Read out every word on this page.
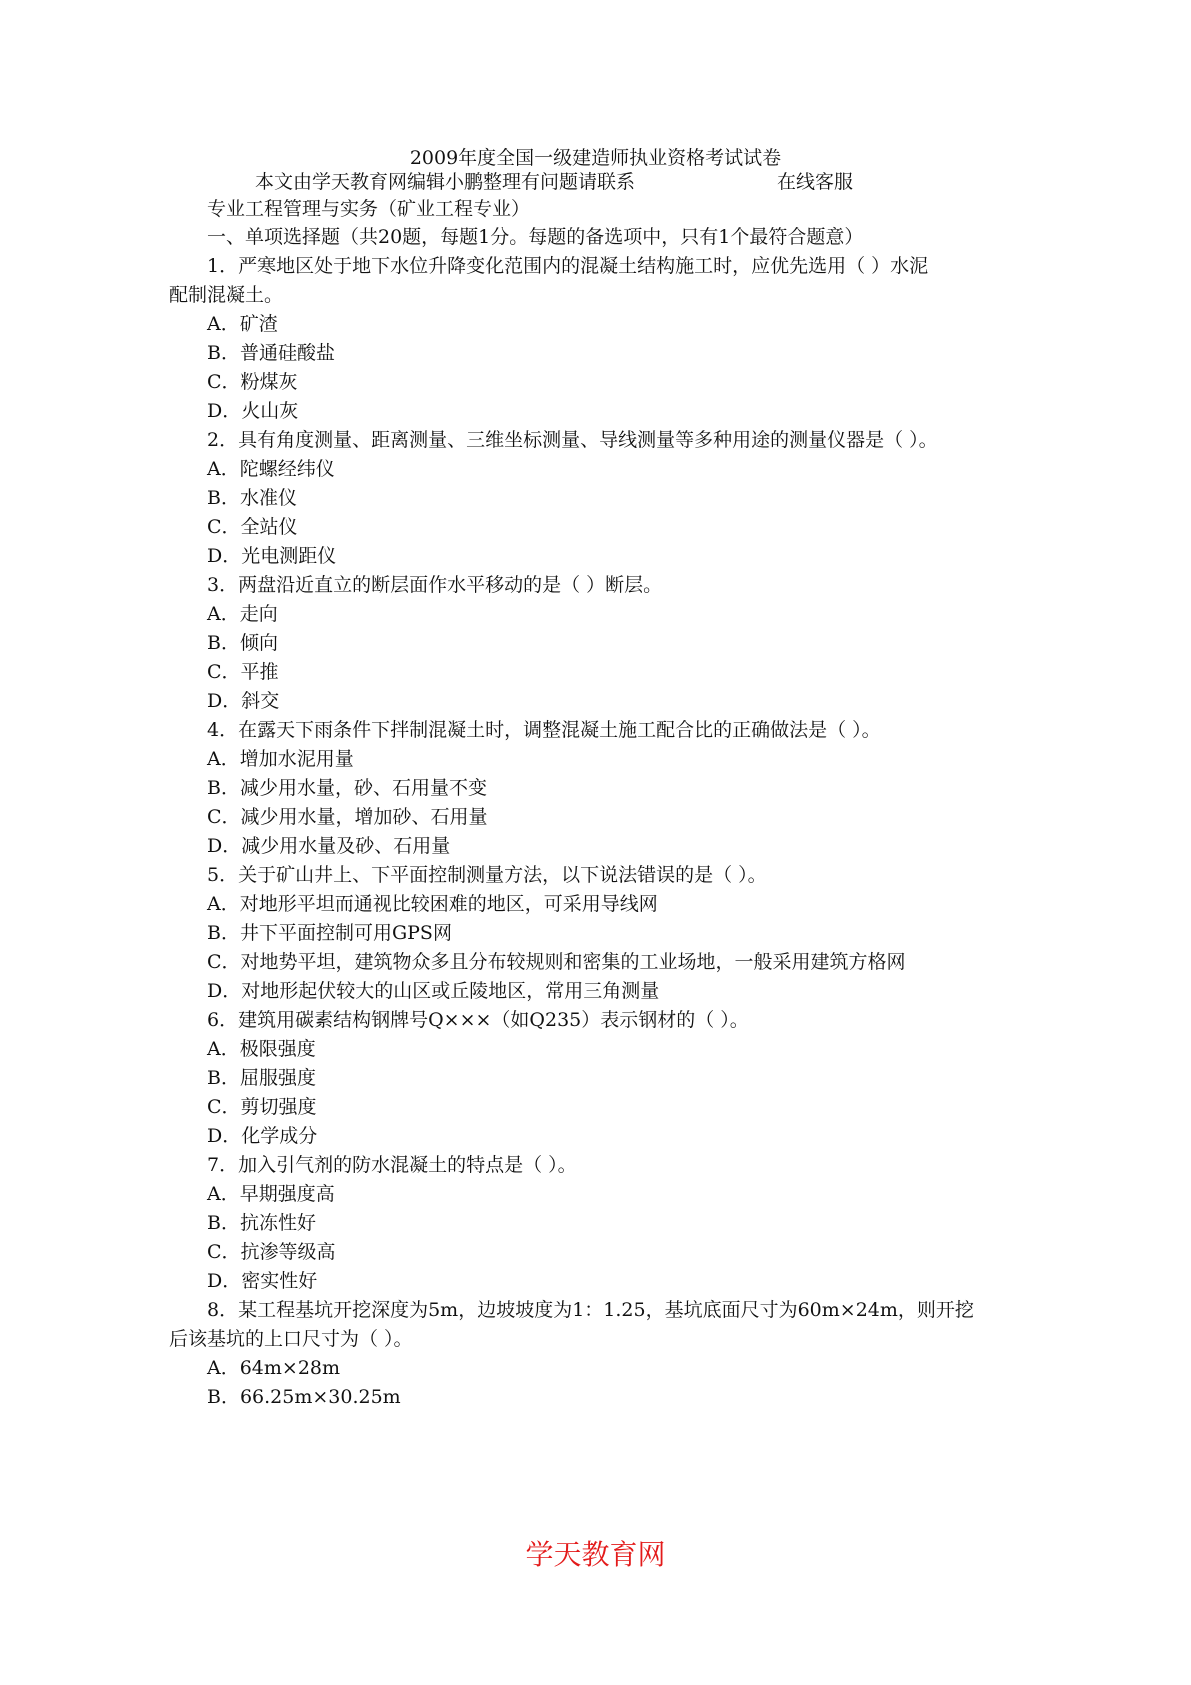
2009年度全国一级建造师执业资格考试试卷
本文由学天教育网编辑小鹏整理有问题请联系	在线客服
专业工程管理与实务（矿业工程专业）
一、单项选择题（共20题，每题1分。每题的备选项中，只有1个最符合题意）
1．严寒地区处于地下水位升降变化范围内的混凝土结构施工时，应优先选用（ ）水泥
配制混凝土。
A．矿渣
B．普通硅酸盐
C．粉煤灰
D．火山灰
2．具有角度测量、距离测量、三维坐标测量、导线测量等多种用途的测量仪器是（ ）。
A．陀螺经纬仪
B．水准仪
C．全站仪
D．光电测距仪
3．两盘沿近直立的断层面作水平移动的是（ ）断层。
A．走向
B．倾向
C．平推
D．斜交
4．在露天下雨条件下拌制混凝土时，调整混凝土施工配合比的正确做法是（ ）。
A．增加水泥用量
B．减少用水量，砂、石用量不变
C．减少用水量，增加砂、石用量
D．减少用水量及砂、石用量
5．关于矿山井上、下平面控制测量方法，以下说法错误的是（ ）。
A．对地形平坦而通视比较困难的地区，可采用导线网
B．井下平面控制可用GPS网
C．对地势平坦，建筑物众多且分布较规则和密集的工业场地，一般采用建筑方格网
D．对地形起伏较大的山区或丘陵地区，常用三角测量
6．建筑用碳素结构钢牌号Q×××（如Q235）表示钢材的（ ）。
A．极限强度
B．屈服强度
C．剪切强度
D．化学成分
7．加入引气剂的防水混凝土的特点是（ ）。
A．早期强度高
B．抗冻性好
C．抗渗等级高
D．密实性好
8．某工程基坑开挖深度为5m，边坡坡度为1：1.25，基坑底面尺寸为60m×24m，则开挖
后该基坑的上口尺寸为（ ）。
A．64m×28m
B．66.25m×30.25m
学天教育网
